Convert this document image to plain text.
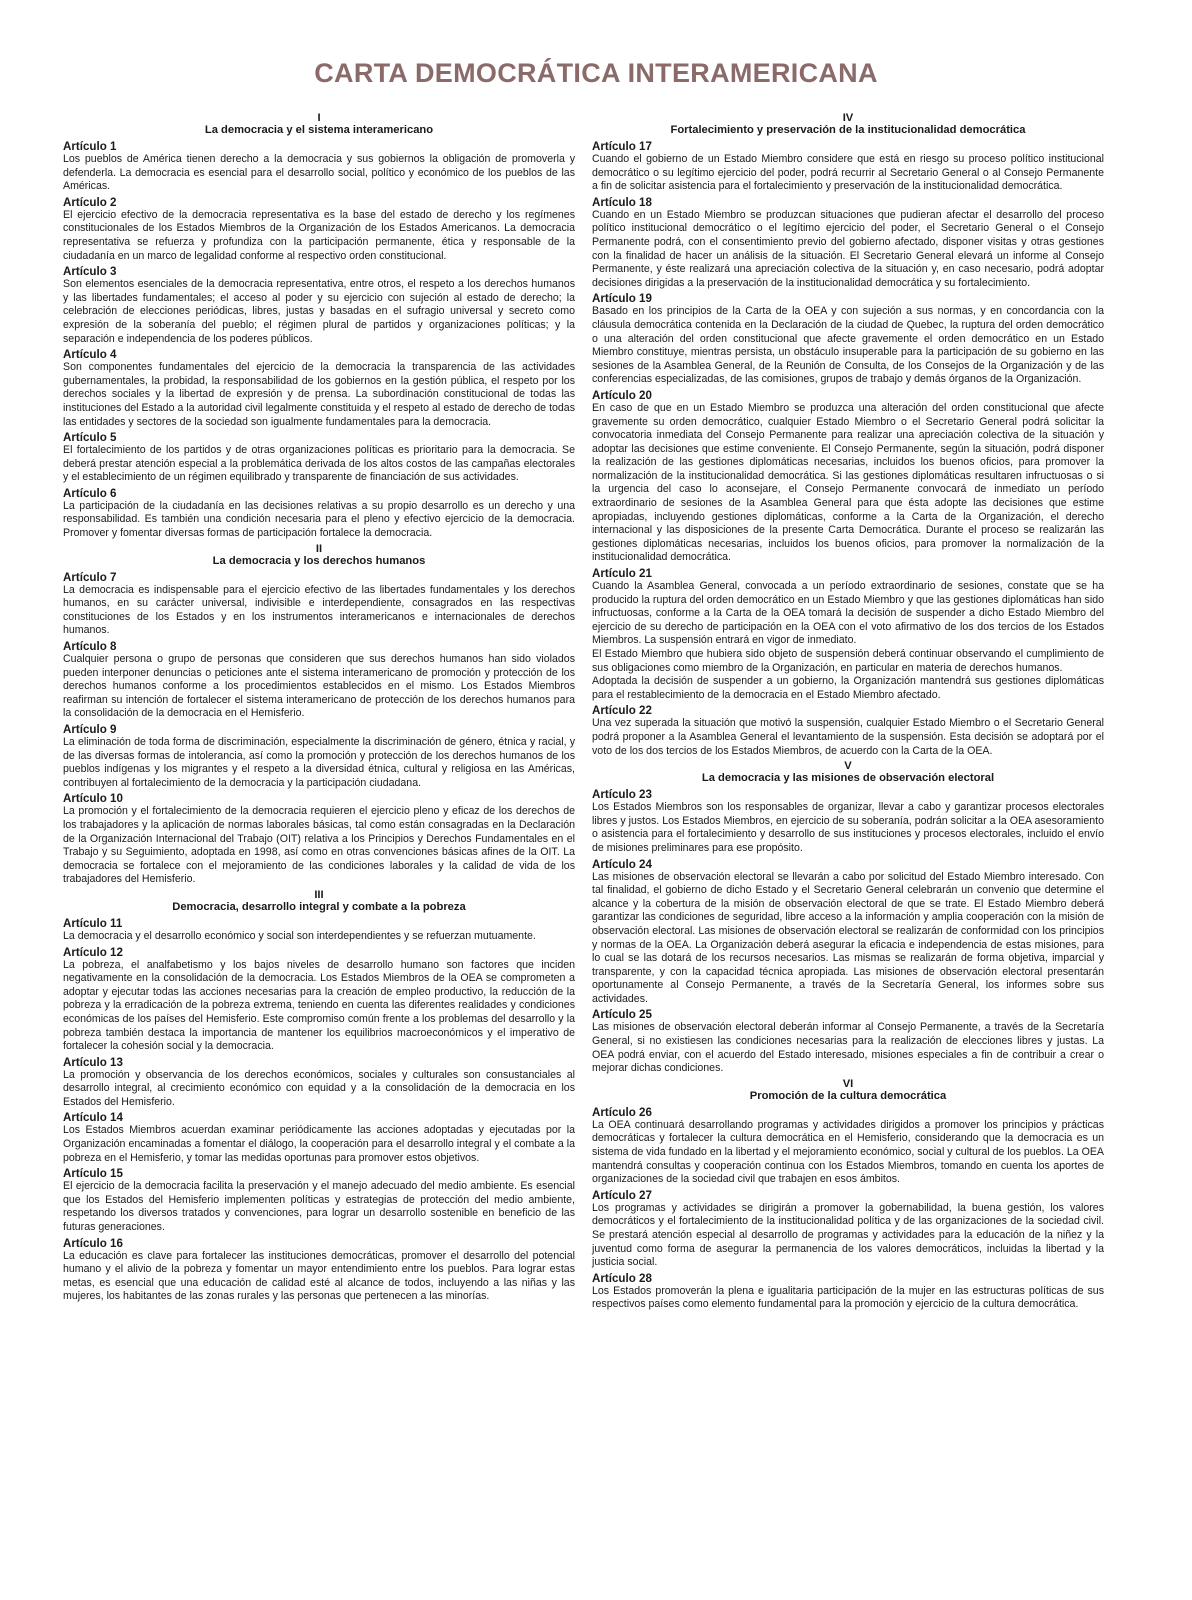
CARTA DEMOCRÁTICA INTERAMERICANA
I
La democracia y el sistema interamericano

Artículo 1

Los pueblos de América tienen derecho a la democracia y sus gobiernos la obligación de promoverla y defenderla. La democracia es esencial para el desarrollo social, político y económico de los pueblos de las Américas.

Artículo 2

El ejercicio efectivo de la democracia representativa es la base del estado de derecho y los regímenes constitucionales de los Estados Miembros de la Organización de los Estados Americanos. La democracia representativa se refuerza y profundiza con la participación permanente, ética y responsable de la ciudadanía en un marco de legalidad conforme al respectivo orden constitucional.

Artículo 3

Son elementos esenciales de la democracia representativa, entre otros, el respeto a los derechos humanos y las libertades fundamentales; el acceso al poder y su ejercicio con sujeción al estado de derecho; la celebración de elecciones periódicas, libres, justas y basadas en el sufragio universal y secreto como expresión de la soberanía del pueblo; el régimen plural de partidos y organizaciones políticas; y la separación e independencia de los poderes públicos.

Artículo 4

Son componentes fundamentales del ejercicio de la democracia la transparencia de las actividades gubernamentales, la probidad, la responsabilidad de los gobiernos en la gestión pública, el respeto por los derechos sociales y la libertad de expresión y de prensa. La subordinación constitucional de todas las instituciones del Estado a la autoridad civil legalmente constituida y el respeto al estado de derecho de todas las entidades y sectores de la sociedad son igualmente fundamentales para la democracia.

Artículo 5

El fortalecimiento de los partidos y de otras organizaciones políticas es prioritario para la democracia. Se deberá prestar atención especial a la problemática derivada de los altos costos de las campañas electorales y el establecimiento de un régimen equilibrado y transparente de financiación de sus actividades.

Artículo 6

La participación de la ciudadanía en las decisiones relativas a su propio desarrollo es un derecho y una responsabilidad. Es también una condición necesaria para el pleno y efectivo ejercicio de la democracia. Promover y fomentar diversas formas de participación fortalece la democracia.

II
La democracia y los derechos humanos

Artículo 7

La democracia es indispensable para el ejercicio efectivo de las libertades fundamentales y los derechos humanos, en su carácter universal, indivisible e interdependiente, consagrados en las respectivas constituciones de los Estados y en los instrumentos interamericanos e internacionales de derechos humanos.

Artículo 8

Cualquier persona o grupo de personas que consideren que sus derechos humanos han sido violados pueden interponer denuncias o peticiones ante el sistema interamericano de promoción y protección de los derechos humanos conforme a los procedimientos establecidos en el mismo. Los Estados Miembros reafirman su intención de fortalecer el sistema interamericano de protección de los derechos humanos para la consolidación de la democracia en el Hemisferio.

Artículo 9

La eliminación de toda forma de discriminación, especialmente la discriminación de género, étnica y racial, y de las diversas formas de intolerancia, así como la promoción y protección de los derechos humanos de los pueblos indígenas y los migrantes y el respeto a la diversidad étnica, cultural y religiosa en las Américas, contribuyen al fortalecimiento de la democracia y la participación ciudadana.

Artículo 10

La promoción y el fortalecimiento de la democracia requieren el ejercicio pleno y eficaz de los derechos de los trabajadores y la aplicación de normas laborales básicas, tal como están consagradas en la Declaración de la Organización Internacional del Trabajo (OIT) relativa a los Principios y Derechos Fundamentales en el Trabajo y su Seguimiento, adoptada en 1998, así como en otras convenciones básicas afines de la OIT. La democracia se fortalece con el mejoramiento de las condiciones laborales y la calidad de vida de los trabajadores del Hemisferio.

III
Democracia, desarrollo integral y combate a la pobreza

Artículo 11

La democracia y el desarrollo económico y social son interdependientes y se refuerzan mutuamente.

Artículo 12

La pobreza, el analfabetismo y los bajos niveles de desarrollo humano son factores que inciden negativamente en la consolidación de la democracia. Los Estados Miembros de la OEA se comprometen a adoptar y ejecutar todas las acciones necesarias para la creación de empleo productivo, la reducción de la pobreza y la erradicación de la pobreza extrema, teniendo en cuenta las diferentes realidades y condiciones económicas de los países del Hemisferio. Este compromiso común frente a los problemas del desarrollo y la pobreza también destaca la importancia de mantener los equilibrios macroeconómicos y el imperativo de fortalecer la cohesión social y la democracia.

Artículo 13

La promoción y observancia de los derechos económicos, sociales y culturales son consustanciales al desarrollo integral, al crecimiento económico con equidad y a la consolidación de la democracia en los Estados del Hemisferio.

Artículo 14

Los Estados Miembros acuerdan examinar periódicamente las acciones adoptadas y ejecutadas por la Organización encaminadas a fomentar el diálogo, la cooperación para el desarrollo integral y el combate a la pobreza en el Hemisferio, y tomar las medidas oportunas para promover estos objetivos.

Artículo 15

El ejercicio de la democracia facilita la preservación y el manejo adecuado del medio ambiente. Es esencial que los Estados del Hemisferio implementen políticas y estrategias de protección del medio ambiente, respetando los diversos tratados y convenciones, para lograr un desarrollo sostenible en beneficio de las futuras generaciones.

Artículo 16

La educación es clave para fortalecer las instituciones democráticas, promover el desarrollo del potencial humano y el alivio de la pobreza y fomentar un mayor entendimiento entre los pueblos. Para lograr estas metas, es esencial que una educación de calidad esté al alcance de todos, incluyendo a las niñas y las mujeres, los habitantes de las zonas rurales y las personas que pertenecen a las minorías.

IV
Fortalecimiento y preservación de la institucionalidad democrática

Artículo 17

Cuando el gobierno de un Estado Miembro considere que está en riesgo su proceso político institucional democrático o su legítimo ejercicio del poder, podrá recurrir al Secretario General o al Consejo Permanente a fin de solicitar asistencia para el fortalecimiento y preservación de la institucionalidad democrática.

Artículo 18

Cuando en un Estado Miembro se produzcan situaciones que pudieran afectar el desarrollo del proceso político institucional democrático o el legítimo ejercicio del poder, el Secretario General o el Consejo Permanente podrá, con el consentimiento previo del gobierno afectado, disponer visitas y otras gestiones con la finalidad de hacer un análisis de la situación. El Secretario General elevará un informe al Consejo Permanente, y éste realizará una apreciación colectiva de la situación y, en caso necesario, podrá adoptar decisiones dirigidas a la preservación de la institucionalidad democrática y su fortalecimiento.

Artículo 19

Basado en los principios de la Carta de la OEA y con sujeción a sus normas, y en concordancia con la cláusula democrática contenida en la Declaración de la ciudad de Quebec, la ruptura del orden democrático o una alteración del orden constitucional que afecte gravemente el orden democrático en un Estado Miembro constituye, mientras persista, un obstáculo insuperable para la participación de su gobierno en las sesiones de la Asamblea General, de la Reunión de Consulta, de los Consejos de la Organización y de las conferencias especializadas, de las comisiones, grupos de trabajo y demás órganos de la Organización.

Artículo 20

En caso de que en un Estado Miembro se produzca una alteración del orden constitucional que afecte gravemente su orden democrático, cualquier Estado Miembro o el Secretario General podrá solicitar la convocatoria inmediata del Consejo Permanente para realizar una apreciación colectiva de la situación y adoptar las decisiones que estime conveniente. El Consejo Permanente, según la situación, podrá disponer la realización de las gestiones diplomáticas necesarias, incluidos los buenos oficios, para promover la normalización de la institucionalidad democrática. Si las gestiones diplomáticas resultaren infructuosas o si la urgencia del caso lo aconsejare, el Consejo Permanente convocará de inmediato un período extraordinario de sesiones de la Asamblea General para que ésta adopte las decisiones que estime apropiadas, incluyendo gestiones diplomáticas, conforme a la Carta de la Organización, el derecho internacional y las disposiciones de la presente Carta Democrática. Durante el proceso se realizarán las gestiones diplomáticas necesarias, incluidos los buenos oficios, para promover la normalización de la institucionalidad democrática.

Artículo 21

Cuando la Asamblea General, convocada a un período extraordinario de sesiones, constate que se ha producido la ruptura del orden democrático en un Estado Miembro y que las gestiones diplomáticas han sido infructuosas, conforme a la Carta de la OEA tomará la decisión de suspender a dicho Estado Miembro del ejercicio de su derecho de participación en la OEA con el voto afirmativo de los dos tercios de los Estados Miembros. La suspensión entrará en vigor de inmediato.
El Estado Miembro que hubiera sido objeto de suspensión deberá continuar observando el cumplimiento de sus obligaciones como miembro de la Organización, en particular en materia de derechos humanos.
Adoptada la decisión de suspender a un gobierno, la Organización mantendrá sus gestiones diplomáticas para el restablecimiento de la democracia en el Estado Miembro afectado.

Artículo 22

Una vez superada la situación que motivó la suspensión, cualquier Estado Miembro o el Secretario General podrá proponer a la Asamblea General el levantamiento de la suspensión. Esta decisión se adoptará por el voto de los dos tercios de los Estados Miembros, de acuerdo con la Carta de la OEA.

V
La democracia y las misiones de observación electoral

Artículo 23

Los Estados Miembros son los responsables de organizar, llevar a cabo y garantizar procesos electorales libres y justos. Los Estados Miembros, en ejercicio de su soberanía, podrán solicitar a la OEA asesoramiento o asistencia para el fortalecimiento y desarrollo de sus instituciones y procesos electorales, incluido el envío de misiones preliminares para ese propósito.

Artículo 24

Las misiones de observación electoral se llevarán a cabo por solicitud del Estado Miembro interesado. Con tal finalidad, el gobierno de dicho Estado y el Secretario General celebrarán un convenio que determine el alcance y la cobertura de la misión de observación electoral de que se trate. El Estado Miembro deberá garantizar las condiciones de seguridad, libre acceso a la información y amplia cooperación con la misión de observación electoral. Las misiones de observación electoral se realizarán de conformidad con los principios y normas de la OEA. La Organización deberá asegurar la eficacia e independencia de estas misiones, para lo cual se las dotará de los recursos necesarios. Las mismas se realizarán de forma objetiva, imparcial y transparente, y con la capacidad técnica apropiada. Las misiones de observación electoral presentarán oportunamente al Consejo Permanente, a través de la Secretaría General, los informes sobre sus actividades.

Artículo 25

Las misiones de observación electoral deberán informar al Consejo Permanente, a través de la Secretaría General, si no existiesen las condiciones necesarias para la realización de elecciones libres y justas. La OEA podrá enviar, con el acuerdo del Estado interesado, misiones especiales a fin de contribuir a crear o mejorar dichas condiciones.

VI
Promoción de la cultura democrática

Artículo 26

La OEA continuará desarrollando programas y actividades dirigidos a promover los principios y prácticas democráticas y fortalecer la cultura democrática en el Hemisferio, considerando que la democracia es un sistema de vida fundado en la libertad y el mejoramiento económico, social y cultural de los pueblos. La OEA mantendrá consultas y cooperación continua con los Estados Miembros, tomando en cuenta los aportes de organizaciones de la sociedad civil que trabajen en esos ámbitos.

Artículo 27

Los programas y actividades se dirigirán a promover la gobernabilidad, la buena gestión, los valores democráticos y el fortalecimiento de la institucionalidad política y de las organizaciones de la sociedad civil. Se prestará atención especial al desarrollo de programas y actividades para la educación de la niñez y la juventud como forma de asegurar la permanencia de los valores democráticos, incluidas la libertad y la justicia social.

Artículo 28

Los Estados promoverán la plena e igualitaria participación de la mujer en las estructuras políticas de sus respectivos países como elemento fundamental para la promoción y ejercicio de la cultura democrática.
